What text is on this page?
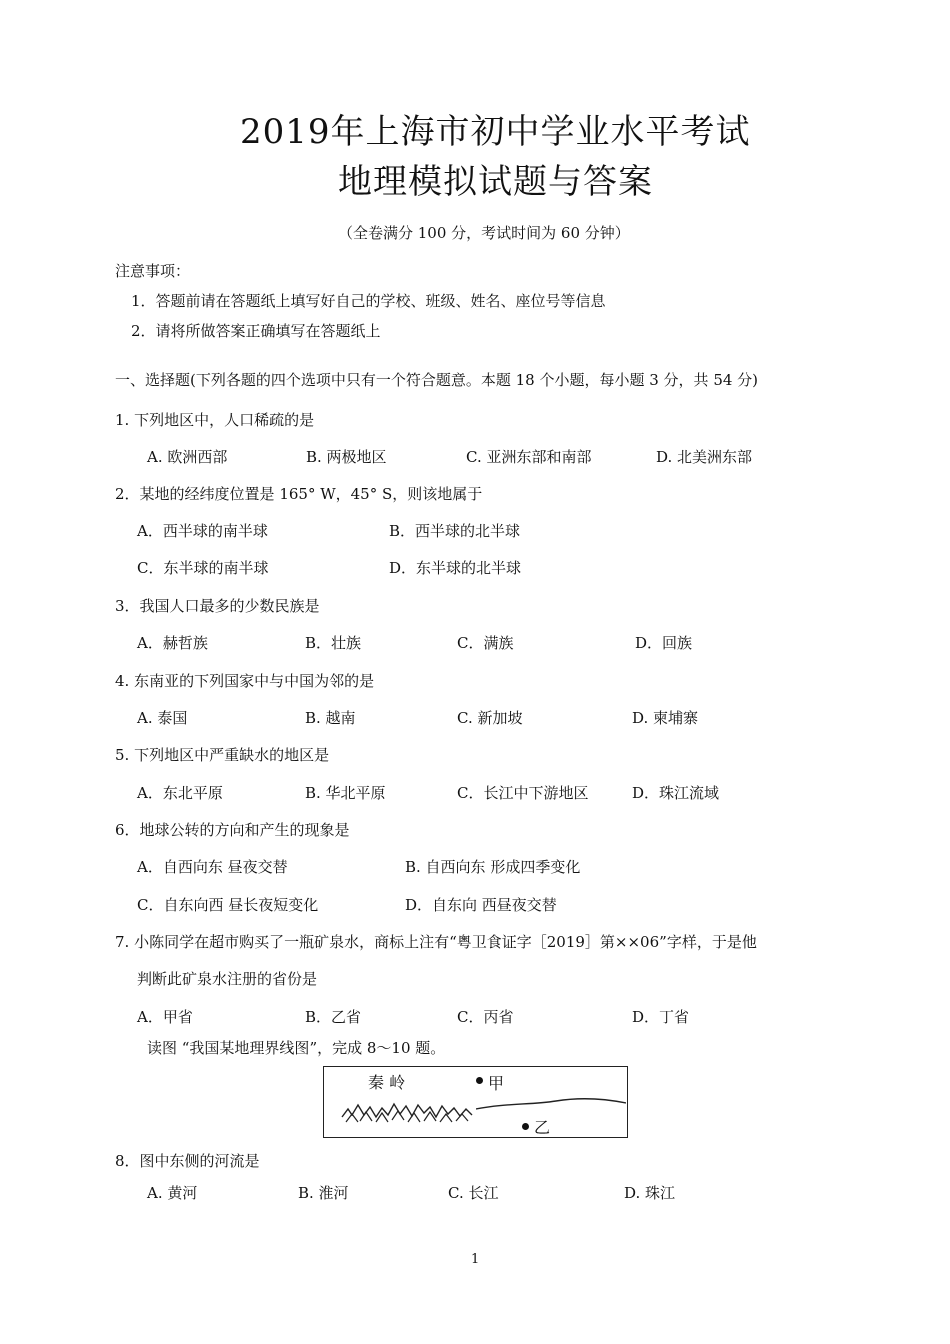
2019年上海市初中学业水平考试
地理模拟试题与答案
（全卷满分 100 分，考试时间为 60 分钟）
注意事项：
1．答题前请在答题纸上填写好自己的学校、班级、姓名、座位号等信息
2．请将所做答案正确填写在答题纸上
一、选择题(下列各题的四个选项中只有一个符合题意。本题 18 个小题，每小题 3 分，共 54 分)
1. 下列地区中，人口稀疏的是
A. 欧洲西部	B. 两极地区	C. 亚洲东部和南部	D. 北美洲东部
2．某地的经纬度位置是 165° W，45° S，则该地属于
A．西半球的南半球	B．西半球的北半球
C．东半球的南半球	D．东半球的北半球
3．我国人口最多的少数民族是
A．赫哲族	B．壮族	C．满族	D．回族
4. 东南亚的下列国家中与中国为邻的是
A. 泰国	B. 越南	C. 新加坡	D. 柬埔寨
5. 下列地区中严重缺水的地区是
A．东北平原	B. 华北平原	C．长江中下游地区	D．珠江流域
6．地球公转的方向和产生的现象是
A．自西向东 昼夜交替	B. 自西向东 形成四季变化
C．自东向西 昼长夜短变化	D．自东向 西昼夜交替
7. 小陈同学在超市购买了一瓶矿泉水，商标上注有“粤卫食证字［2019］第××06”字样，于是他
判断此矿泉水注册的省份是
A．甲省	B．乙省	C．丙省	D．丁省
读图 “我国某地理界线图”，完成 8～10 题。
秦 岭	甲
乙
8．图中东侧的河流是
A. 黄河	B. 淮河	C. 长江	D. 珠江
1
